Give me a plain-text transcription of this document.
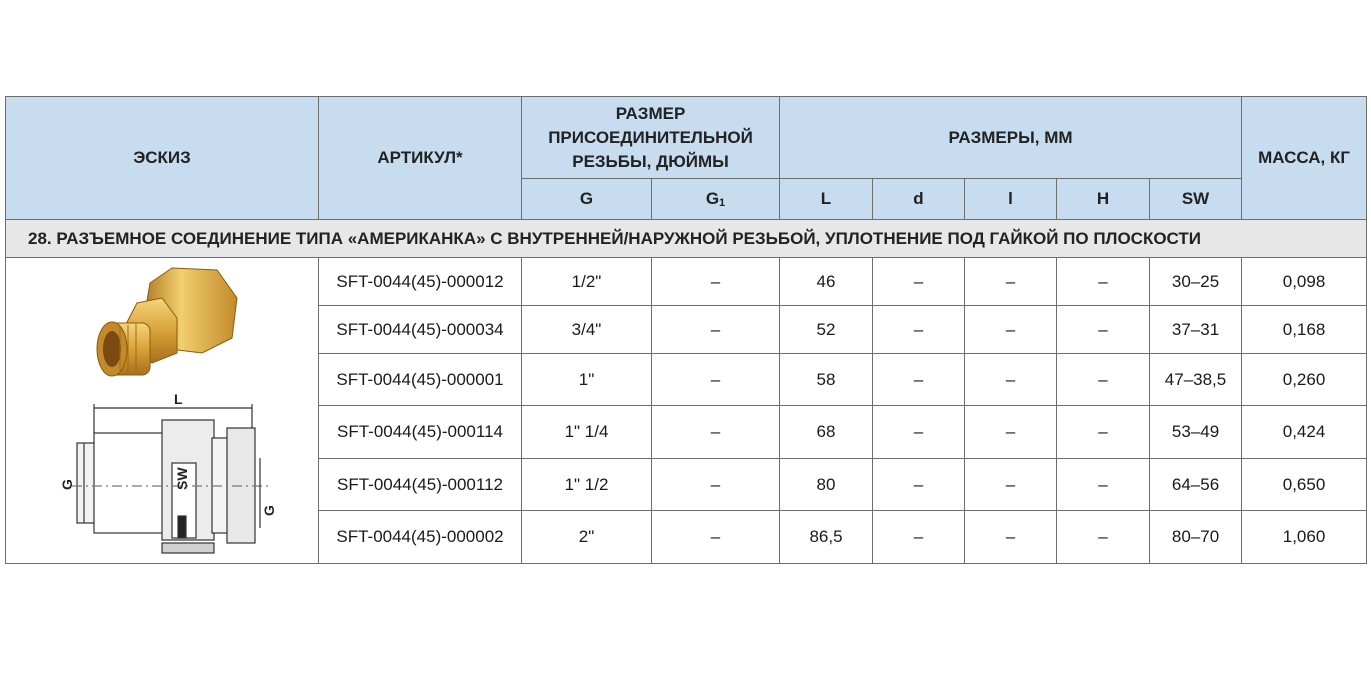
ЭСКИЗ	АРТИКУЛ*	РАЗМЕР ПРИСОЕДИНИТЕЛЬНОЙ РЕЗЬБЫ, ДЮЙМЫ		РАЗМЕРЫ, ММ					МАССА, КГ
		G	$G_1$	L	d	l	H	SW	
28. РАЗЪЕМНОЕ СОЕДИНЕНИЕ ТИПА «АМЕРИКАНКА» С ВНУТРЕННЕЙ/НАРУЖНОЙ РЕЗЬБОЙ, УПЛОТНЕНИЕ ПОД ГАЙКОЙ ПО ПЛОСКОСТИ									

L
SW
G
G	SFT-0044(45)-000012	1/2"	–	46	–	–	–	30–25	0,098
	SFT-0044(45)-000034	3/4"	–	52	–	–	–	37–31	0,168
	SFT-0044(45)-000001	1"	–	58	–	–	–	47–38,5	0,260
	SFT-0044(45)-000114	1" 1/4	–	68	–	–	–	53–49	0,424
	SFT-0044(45)-000112	1" 1/2	–	80	–	–	–	64–56	0,650
	SFT-0044(45)-000002	2"	–	86,5	–	–	–	80–70	1,060
